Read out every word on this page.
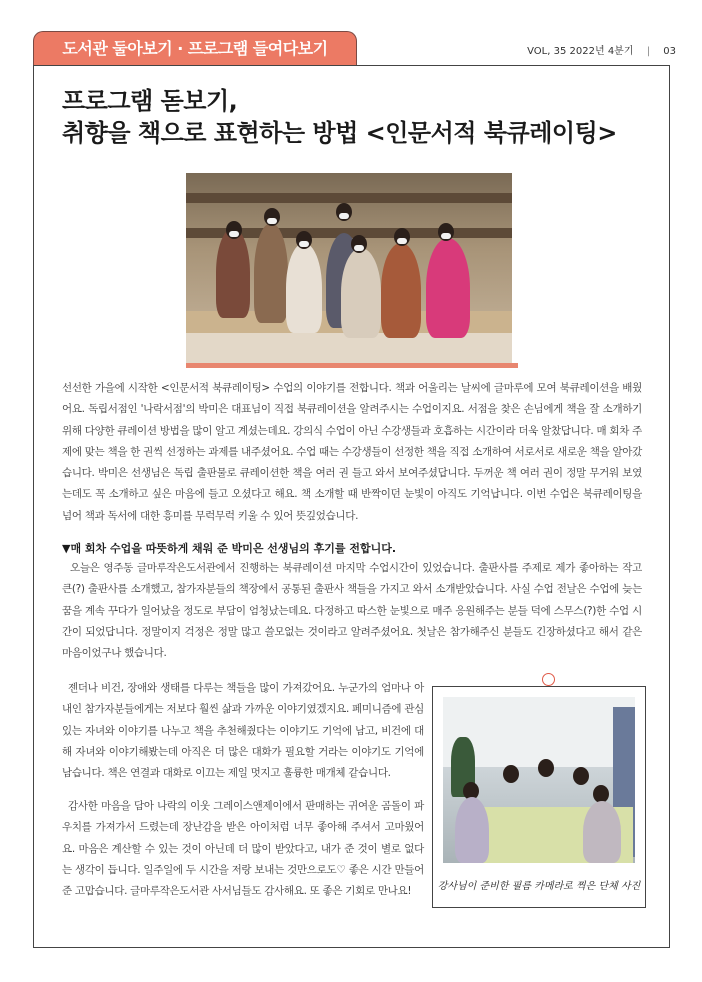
도서관 둘아보기 · 프로그램 들여다보기	VOL, 35 2022년 4분기 | 03
프로그램 돋보기,
취향을 책으로 표현하는 방법 <인문서적 북큐레이팅>
선선한 가을에 시작한 <인문서적 북큐레이팅> 수업의 이야기를 전합니다. 책과 어울리는 날씨에 글마루에 모여 북큐레이션을 배웠어요. 독립서점인 '나락서점'의 박미은 대표님이 직접 북큐레이션을 알려주시는 수업이지요. 서점을 찾은 손님에게 책을 잘 소개하기 위해 다양한 큐레이션 방법을 많이 알고 계셨는데요. 강의식 수업이 아닌 수강생들과 호흡하는 시간이라 더욱 알찼답니다. 매 회차 주제에 맞는 책을 한 권씩 선정하는 과제를 내주셨어요. 수업 때는 수강생들이 선정한 책을 직접 소개하여 서로서로 새로운 책을 알아갔습니다. 박미은 선생님은 독립 출판물로 큐레이션한 책을 여러 권 들고 와서 보여주셨답니다. 두꺼운 책 여러 권이 정말 무거워 보였는데도 꼭 소개하고 싶은 마음에 들고 오셨다고 해요. 책 소개할 때 반짝이던 눈빛이 아직도 기억납니다. 이번 수업은 북큐레이팅을 넘어 책과 독서에 대한 흥미를 무럭무럭 키울 수 있어 뜻깊었습니다.
▼매 회차 수업을 따뜻하게 채워 준 박미은 선생님의 후기를 전합니다.
오늘은 영주동 글마루작은도서관에서 진행하는 북큐레이션 마지막 수업시간이 있었습니다. 출판사를 주제로 제가 좋아하는 작고 큰(?) 출판사를 소개했고, 참가자분들의 책장에서 공통된 출판사 책들을 가지고 와서 소개받았습니다. 사실 수업 전날은 수업에 늦는 꿈을 계속 꾸다가 일어났을 정도로 부담이 엄청났는데요. 다정하고 따스한 눈빛으로 매주 응원해주는 분들 덕에 스무스(?)한 수업 시간이 되었답니다. 정말이지 걱정은 정말 많고 쓸모없는 것이라고 알려주셨어요. 첫날은 참가해주신 분들도 긴장하셨다고 해서 같은 마음이었구나 했습니다.
젠더나 비건, 장애와 생태를 다루는 책들을 많이 가져갔어요. 누군가의 엄마나 아내인 참가자분들에게는 저보다 훨씬 삶과 가까운 이야기였겠지요. 페미니즘에 관심 있는 자녀와 이야기를 나누고 책을 추천해줬다는 이야기도 기억에 남고, 비건에 대해 자녀와 이야기해봤는데 아직은 더 많은 대화가 필요할 거라는 이야기도 기억에 남습니다. 책은 연결과 대화로 이끄는 제일 멋지고 훌륭한 매개체 같습니다.
감사한 마음을 담아 나락의 이웃 그레이스앤제이에서 판매하는 귀여운 곰돌이 파우치를 가져가서 드렸는데 장난감을 받은 아이처럼 너무 좋아해 주셔서 고마웠어요. 마음은 계산할 수 있는 것이 아닌데 더 많이 받았다고, 내가 준 것이 별로 없다는 생각이 듭니다. 일주일에 두 시간을 저랑 보내는 것만으로도♡ 좋은 시간 만들어준 고맙습니다. 글마루작은도서관 사서님들도 감사해요. 또 좋은 기회로 만나요!	강사님이 준비한 필름 카메라로 찍은 단체 사진
